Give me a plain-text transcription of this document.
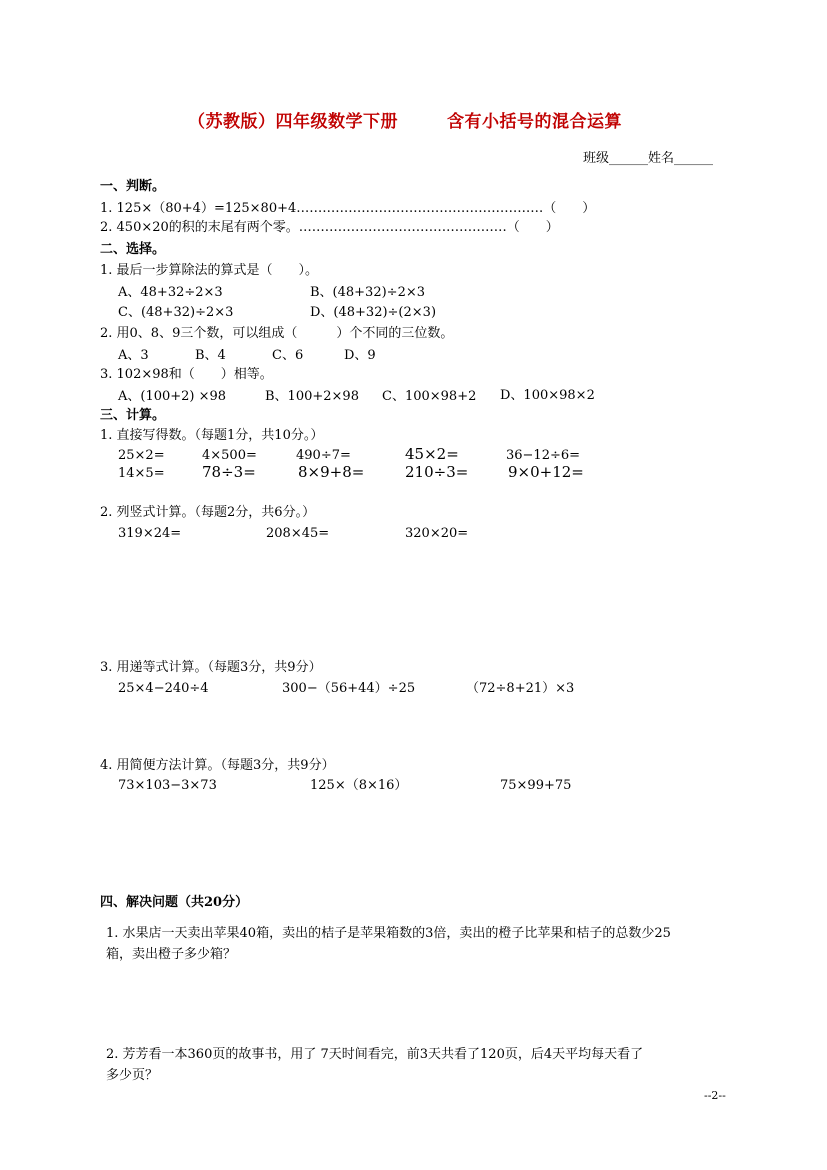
（苏教版）四年级数学下册	含有小括号的混合运算
班级______姓名______
一、判断。
1. 125×（80+4）=125×80+4…………………………………………………（　　）
2. 450×20的积的末尾有两个零。…………………………………………（　　）
二、选择。
1. 最后一步算除法的算式是（　　）。
A、48+32÷2×3	B、(48+32)÷2×3
C、(48+32)÷2×3	D、(48+32)÷(2×3)
2. 用0、8、9三个数，可以组成（　　　）个不同的三位数。
A、3	B、4	C、6	D、9
3. 102×98和（　　）相等。
A、(100+2) ×98	B、100+2×98 C、100×98+2 D、100×98×2
三、计算。
1. 直接写得数。（每题1分，共10分。）
25×2=	4×500=	490÷7=	45×2=	36−12÷6=
14×5= 78÷3=	8×9+8=	210÷3=	9×0+12=
2. 列竖式计算。（每题2分，共6分。）
319×24=	208×45=	320×20=
3. 用递等式计算。（每题3分，共9分）
25×4−240÷4	300−（56+44）÷25	（72÷8+21）×3
4. 用简便方法计算。（每题3分，共9分）
73×103−3×73	125×（8×16）	75×99+75
四、解决问题（共20分）
1. 水果店一天卖出苹果40箱，卖出的桔子是苹果箱数的3倍，卖出的橙子比苹果和桔子的总数少25
箱，卖出橙子多少箱？
2. 芳芳看一本360页的故事书，用了 7天时间看完，前3天共看了120页，后4天平均每天看了
多少页？
--2--
